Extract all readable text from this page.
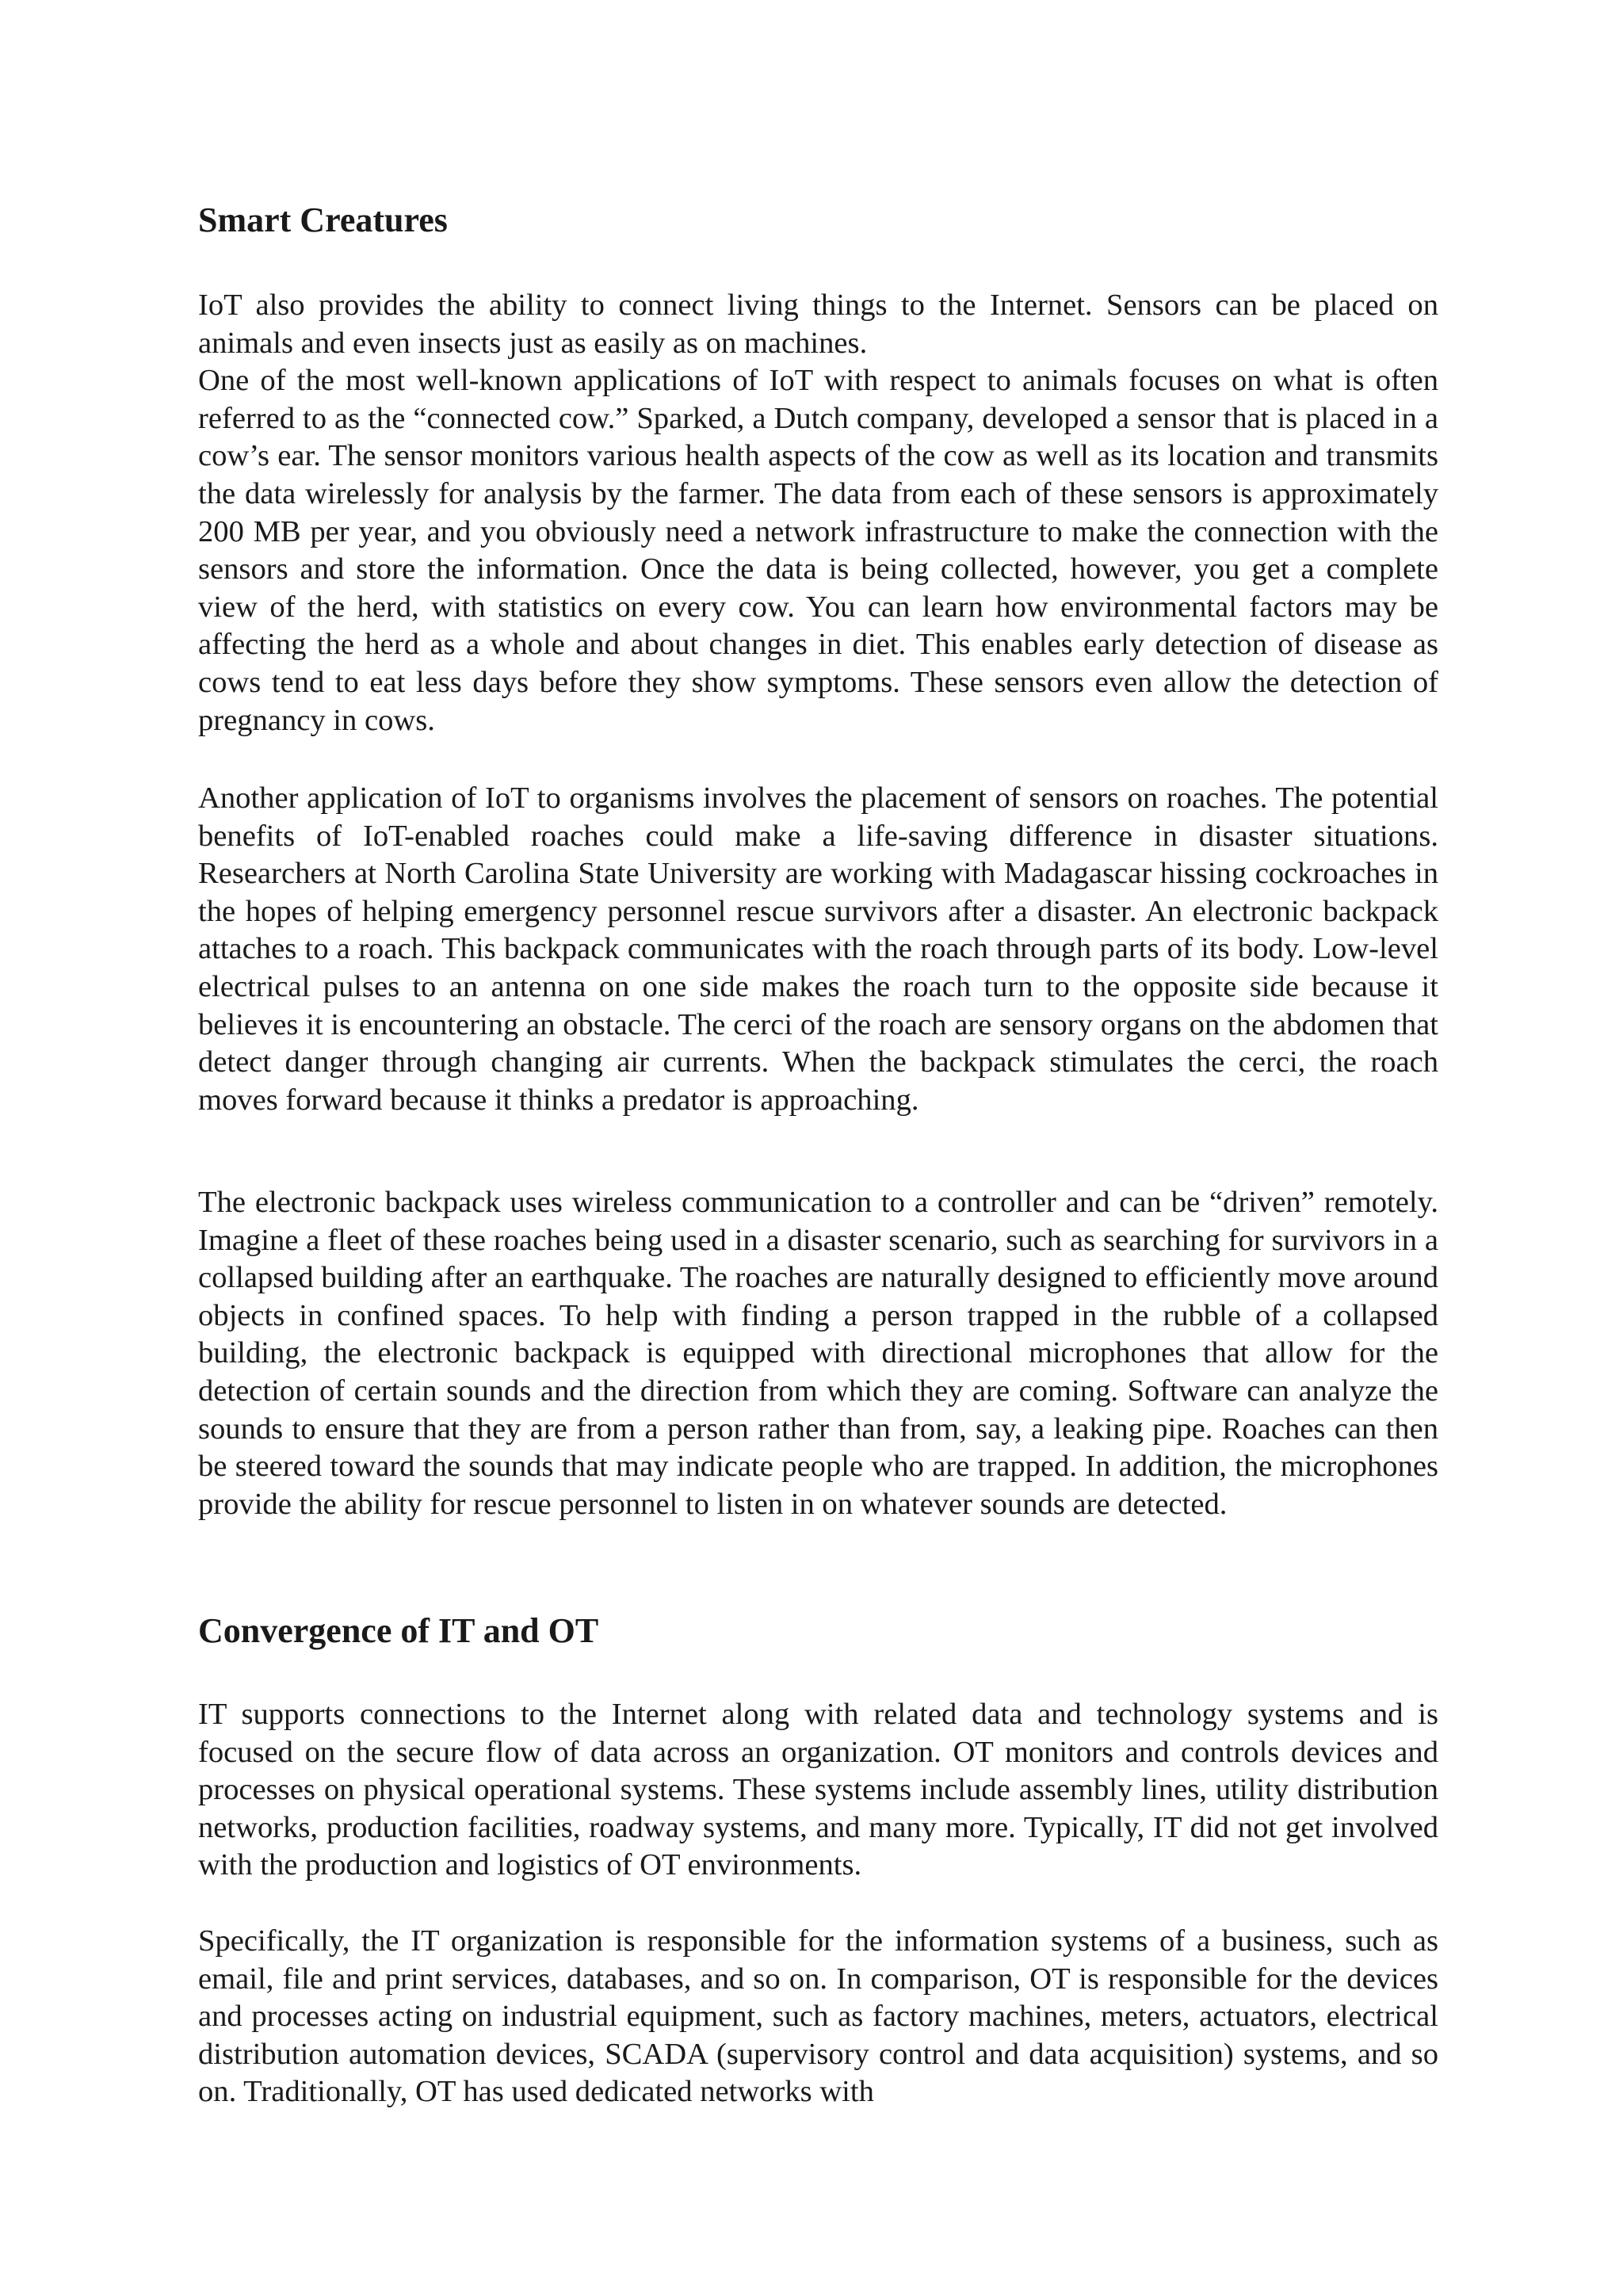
Smart Creatures

IoT also provides the ability to connect living things to the Internet. Sensors can be placed on animals and even insects just as easily as on machines.

One of the most well-known applications of IoT with respect to animals focuses on what is often referred to as the “connected cow.” Sparked, a Dutch company, developed a sensor that is placed in a cow’s ear. The sensor monitors various health aspects of the cow as well as its location and transmits the data wirelessly for analysis by the farmer. The data from each of these sensors is approximately 200 MB per year, and you obviously need a network infrastructure to make the connection with the sensors and store the information. Once the data is being collected, however, you get a complete view of the herd, with statistics on every cow. You can learn how environmental factors may be affecting the herd as a whole and about changes in diet. This enables early detection of disease as cows tend to eat less days before they show symptoms. These sensors even allow the detection of pregnancy in cows.

Another application of IoT to organisms involves the placement of sensors on roaches. The potential benefits of IoT-enabled roaches could make a life-saving difference in disaster situations. Researchers at North Carolina State University are working with Madagascar hissing cockroaches in the hopes of helping emergency personnel rescue survivors after a disaster. An electronic backpack attaches to a roach. This backpack communicates with the roach through parts of its body. Low-level electrical pulses to an antenna on one side makes the roach turn to the opposite side because it believes it is encountering an obstacle. The cerci of the roach are sensory organs on the abdomen that detect danger through changing air currents. When the backpack stimulates the cerci, the roach moves forward because it thinks a predator is approaching.

The electronic backpack uses wireless communication to a controller and can be “driven” remotely. Imagine a fleet of these roaches being used in a disaster scenario, such as searching for survivors in a collapsed building after an earthquake. The roaches are naturally designed to efficiently move around objects in confined spaces. To help with finding a person trapped in the rubble of a collapsed building, the electronic backpack is equipped with directional microphones that allow for the detection of certain sounds and the direction from which they are coming. Software can analyze the sounds to ensure that they are from a person rather than from, say, a leaking pipe. Roaches can then be steered toward the sounds that may indicate people who are trapped. In addition, the microphones provide the ability for rescue personnel to listen in on whatever sounds are detected.

Convergence of IT and OT

IT supports connections to the Internet along with related data and technology systems and is focused on the secure flow of data across an organization. OT monitors and controls devices and processes on physical operational systems. These systems include assembly lines, utility distribution networks, production facilities, roadway systems, and many more. Typically, IT did not get involved with the production and logistics of OT environments.

Specifically, the IT organization is responsible for the information systems of a business, such as email, file and print services, databases, and so on. In comparison, OT is responsible for the devices and processes acting on industrial equipment, such as factory machines, meters, actuators, electrical distribution automation devices, SCADA (supervisory control and data acquisition) systems, and so on. Traditionally, OT has used dedicated networks with
